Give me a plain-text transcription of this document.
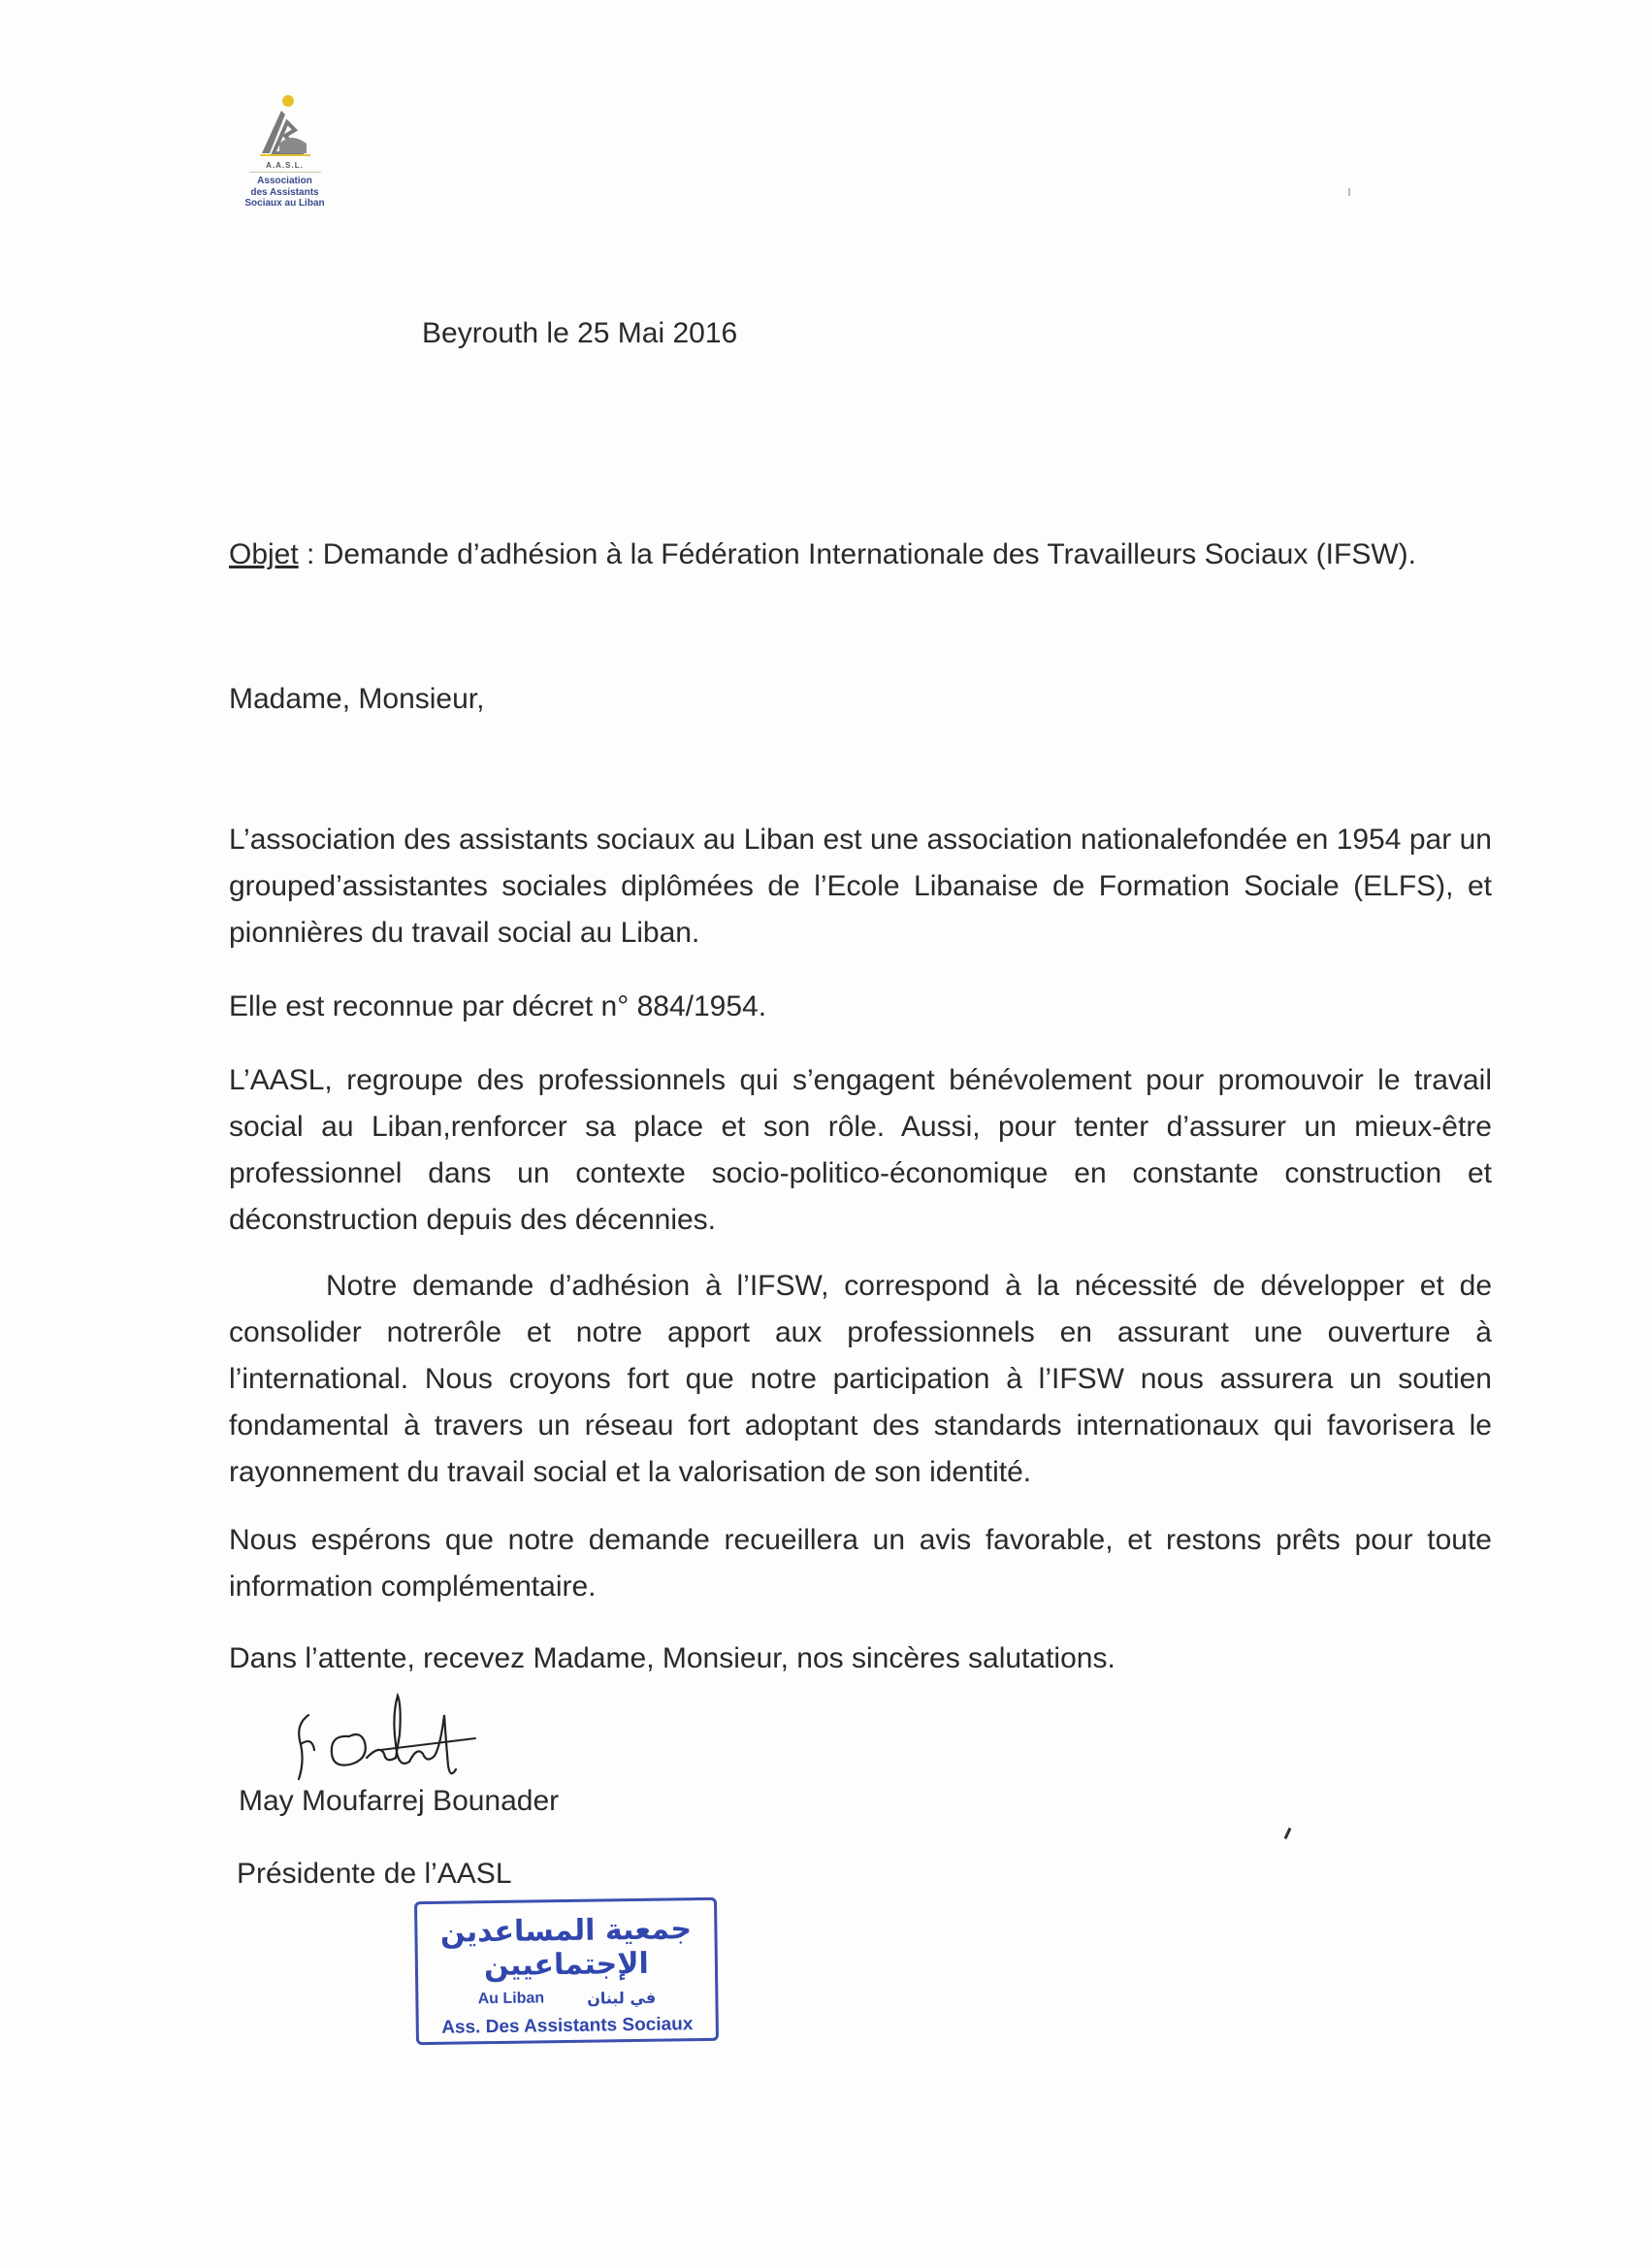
A.A.S.L.
Association
des Assistants
Sociaux au Liban
Beyrouth le 25 Mai 2016
Objet : Demande d’adhésion à la Fédération Internationale des Travailleurs Sociaux (IFSW).
Madame, Monsieur,
L’association des assistants sociaux au Liban est une association nationalefondée en 1954 par un grouped’assistantes sociales diplômées de l’Ecole Libanaise de Formation Sociale (ELFS), et pionnières du travail social au Liban.
Elle est reconnue par décret n° 884/1954.
L’AASL, regroupe des professionnels qui s’engagent bénévolement pour promouvoir le travail social au Liban,renforcer sa place et son rôle. Aussi, pour tenter d’assurer un mieux-être professionnel dans un contexte socio-politico-économique en constante construction et déconstruction depuis des décennies.
Notre demande d’adhésion à l’IFSW, correspond à la nécessité de développer et de consolider notrerôle et notre apport aux professionnels en assurant une ouverture à l’international. Nous croyons fort que notre participation à l’IFSW nous assurera un soutien fondamental à travers un réseau fort adoptant des standards internationaux qui favorisera le rayonnement du travail social et la valorisation de son identité.
Nous espérons que notre demande recueillera un avis favorable, et restons prêts pour toute information complémentaire.
Dans l’attente, recevez Madame, Monsieur, nos sincères salutations.
May Moufarrej Bounader
Présidente de l’AASL
جمعية المساعدين الإجتماعيين
Au Liban	في لبنان
Ass. Des Assistants Sociaux
